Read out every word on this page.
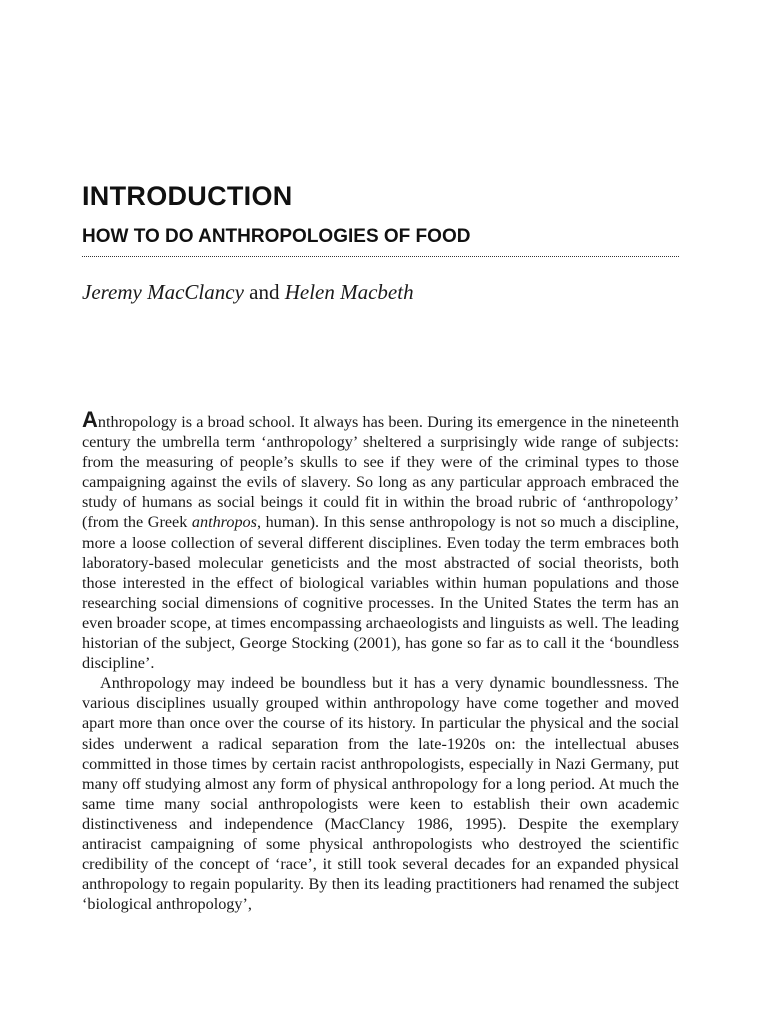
INTRODUCTION
HOW TO DO ANTHROPOLOGIES OF FOOD
Jeremy MacClancy and Helen Macbeth

Anthropology is a broad school. It always has been. During its emergence in the nineteenth century the umbrella term ‘anthropology’ sheltered a surprisingly wide range of subjects: from the measuring of people’s skulls to see if they were of the criminal types to those campaigning against the evils of slavery. So long as any particular approach embraced the study of humans as social beings it could fit in within the broad rubric of ‘anthropology’ (from the Greek anthropos, human). In this sense anthropology is not so much a discipline, more a loose collection of several different disciplines. Even today the term embraces both laboratory-based molecular geneticists and the most abstracted of social theorists, both those interested in the effect of biological variables within human populations and those researching social dimensions of cognitive processes. In the United States the term has an even broader scope, at times encompassing archaeologists and linguists as well. The leading historian of the subject, George Stocking (2001), has gone so far as to call it the ‘boundless discipline’.

Anthropology may indeed be boundless but it has a very dynamic boundlessness. The various disciplines usually grouped within anthropology have come together and moved apart more than once over the course of its history. In particular the physical and the social sides underwent a radical separation from the late-1920s on: the intellectual abuses committed in those times by certain racist anthropologists, especially in Nazi Germany, put many off studying almost any form of physical anthropology for a long period. At much the same time many social anthropologists were keen to establish their own academic distinctiveness and independence (MacClancy 1986, 1995). Despite the exemplary antiracist campaigning of some physical anthropologists who destroyed the scientific credibility of the concept of ‘race’, it still took several decades for an expanded physical anthropology to regain popularity. By then its leading practitioners had renamed the subject ‘biological anthropology’,
